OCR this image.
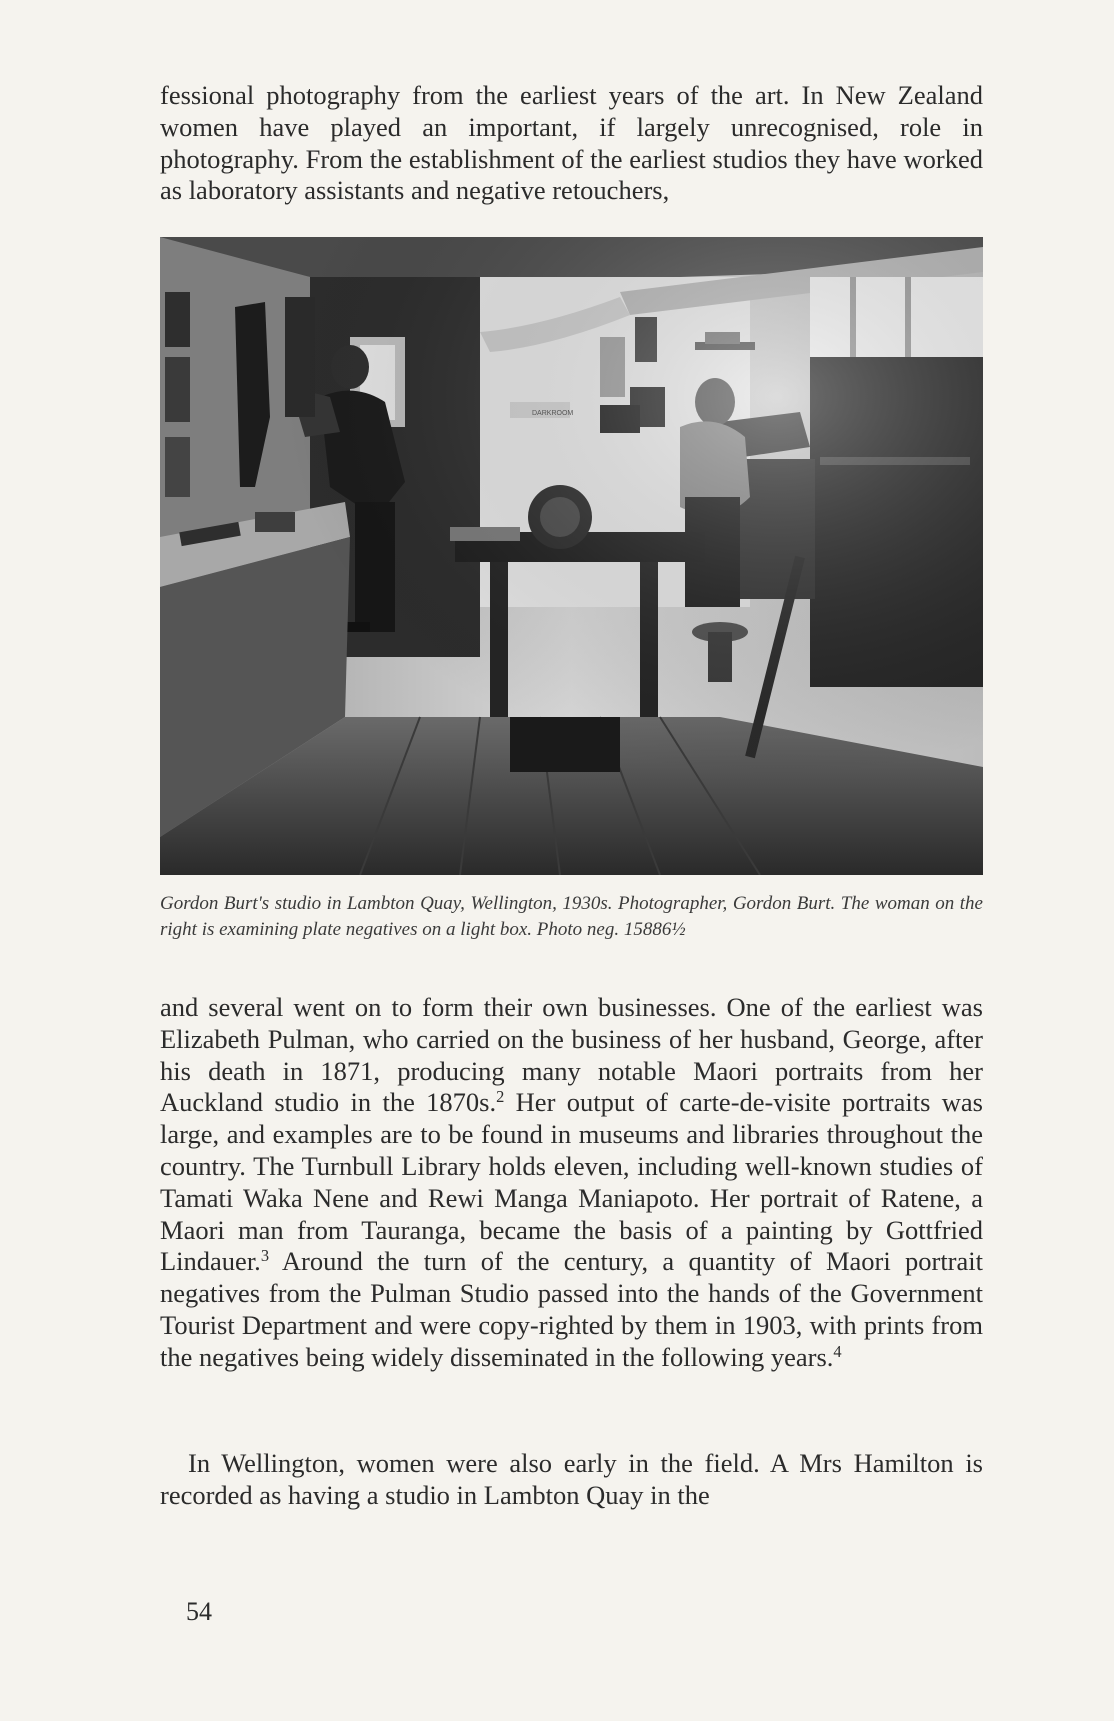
fessional photography from the earliest years of the art. In New Zealand women have played an important, if largely unrecognised, role in photography. From the establishment of the earliest studios they have worked as laboratory assistants and negative retouchers,

DARKROOM
Gordon Burt's studio in Lambton Quay, Wellington, 1930s. Photographer, Gordon Burt. The woman on the right is examining plate negatives on a light box. Photo neg. 15886½

and several went on to form their own businesses. One of the earliest was Elizabeth Pulman, who carried on the business of her husband, George, after his death in 1871, producing many notable Maori portraits from her Auckland studio in the 1870s.$^2$ Her output of carte-de-visite portraits was large, and examples are to be found in museums and libraries throughout the country. The Turnbull Library holds eleven, including well-known studies of Tamati Waka Nene and Rewi Manga Maniapoto. Her portrait of Ratene, a Maori man from Tauranga, became the basis of a painting by Gottfried Lindauer.$^3$ Around the turn of the century, a quantity of Maori portrait negatives from the Pulman Studio passed into the hands of the Government Tourist Department and were copy-righted by them in 1903, with prints from the negatives being widely disseminated in the following years.$^4$

In Wellington, women were also early in the field. A Mrs Hamilton is recorded as having a studio in Lambton Quay in the

54
